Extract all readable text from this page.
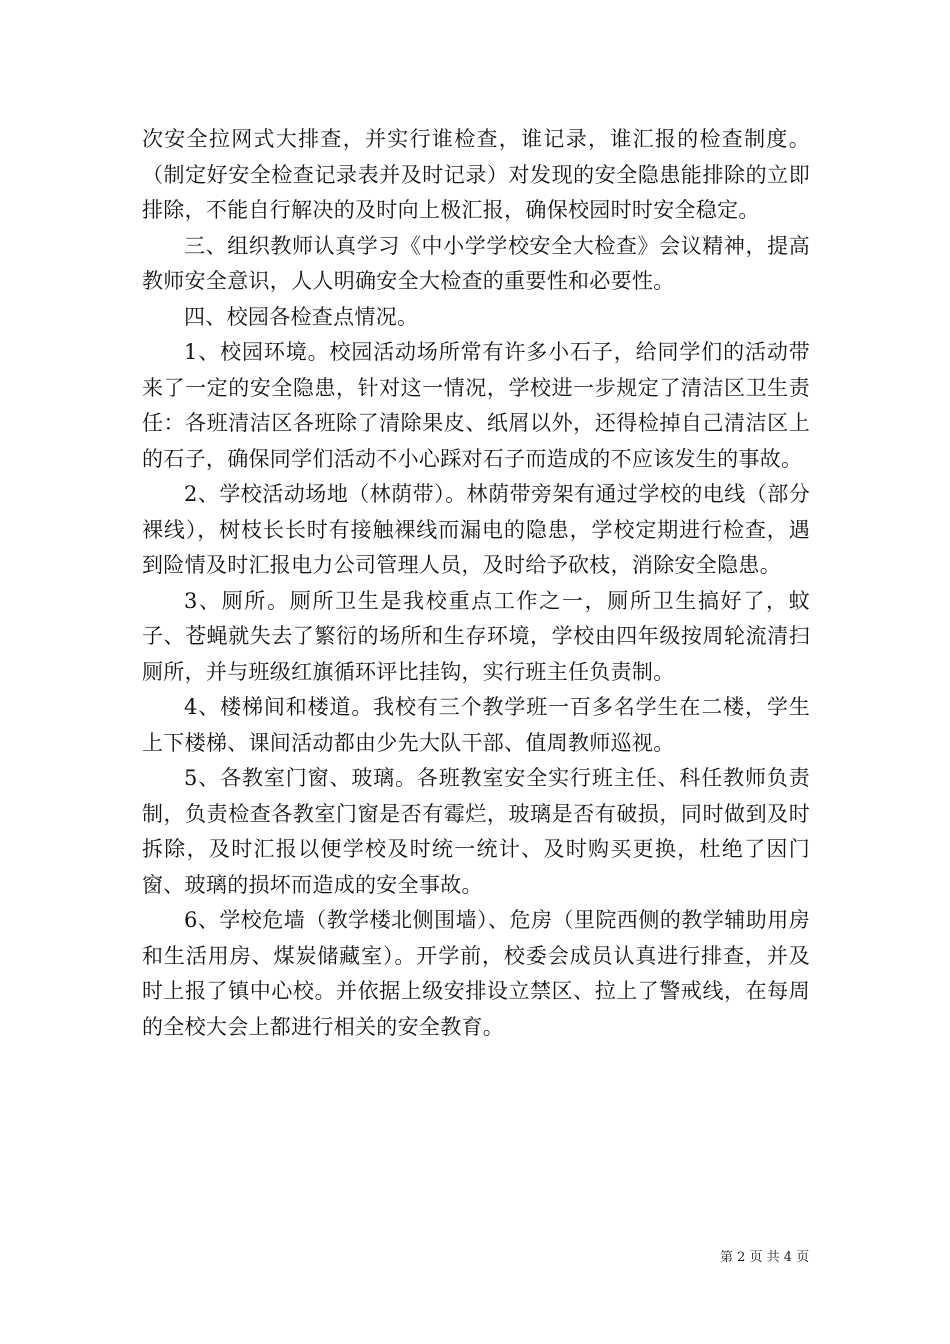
次安全拉网式大排查，并实行谁检查，谁记录，谁汇报的检查制度。（制定好安全检查记录表并及时记录）对发现的安全隐患能排除的立即排除，不能自行解决的及时向上极汇报，确保校园时时安全稳定。

三、组织教师认真学习《中小学学校安全大检查》会议精神，提高教师安全意识，人人明确安全大检查的重要性和必要性。

四、校园各检查点情况。

1、校园环境。校园活动场所常有许多小石子，给同学们的活动带来了一定的安全隐患，针对这一情况，学校进一步规定了清洁区卫生责任：各班清洁区各班除了清除果皮、纸屑以外，还得检掉自己清洁区上的石子，确保同学们活动不小心踩对石子而造成的不应该发生的事故。

2、学校活动场地（林荫带）。林荫带旁架有通过学校的电线（部分裸线），树枝长长时有接触裸线而漏电的隐患，学校定期进行检查，遇到险情及时汇报电力公司管理人员，及时给予砍枝，消除安全隐患。

3、厕所。厕所卫生是我校重点工作之一，厕所卫生搞好了，蚊子、苍蝇就失去了繁衍的场所和生存环境，学校由四年级按周轮流清扫厕所，并与班级红旗循环评比挂钩，实行班主任负责制。

4、楼梯间和楼道。我校有三个教学班一百多名学生在二楼，学生上下楼梯、课间活动都由少先大队干部、值周教师巡视。

5、各教室门窗、玻璃。各班教室安全实行班主任、科任教师负责制，负责检查各教室门窗是否有霉烂，玻璃是否有破损，同时做到及时拆除，及时汇报以便学校及时统一统计、及时购买更换，杜绝了因门窗、玻璃的损坏而造成的安全事故。

6、学校危墙（教学楼北侧围墙）、危房（里院西侧的教学辅助用房和生活用房、煤炭储藏室）。开学前，校委会成员认真进行排查，并及时上报了镇中心校。并依据上级安排设立禁区、拉上了警戒线，在每周的全校大会上都进行相关的安全教育。

第 2 页 共 4 页
